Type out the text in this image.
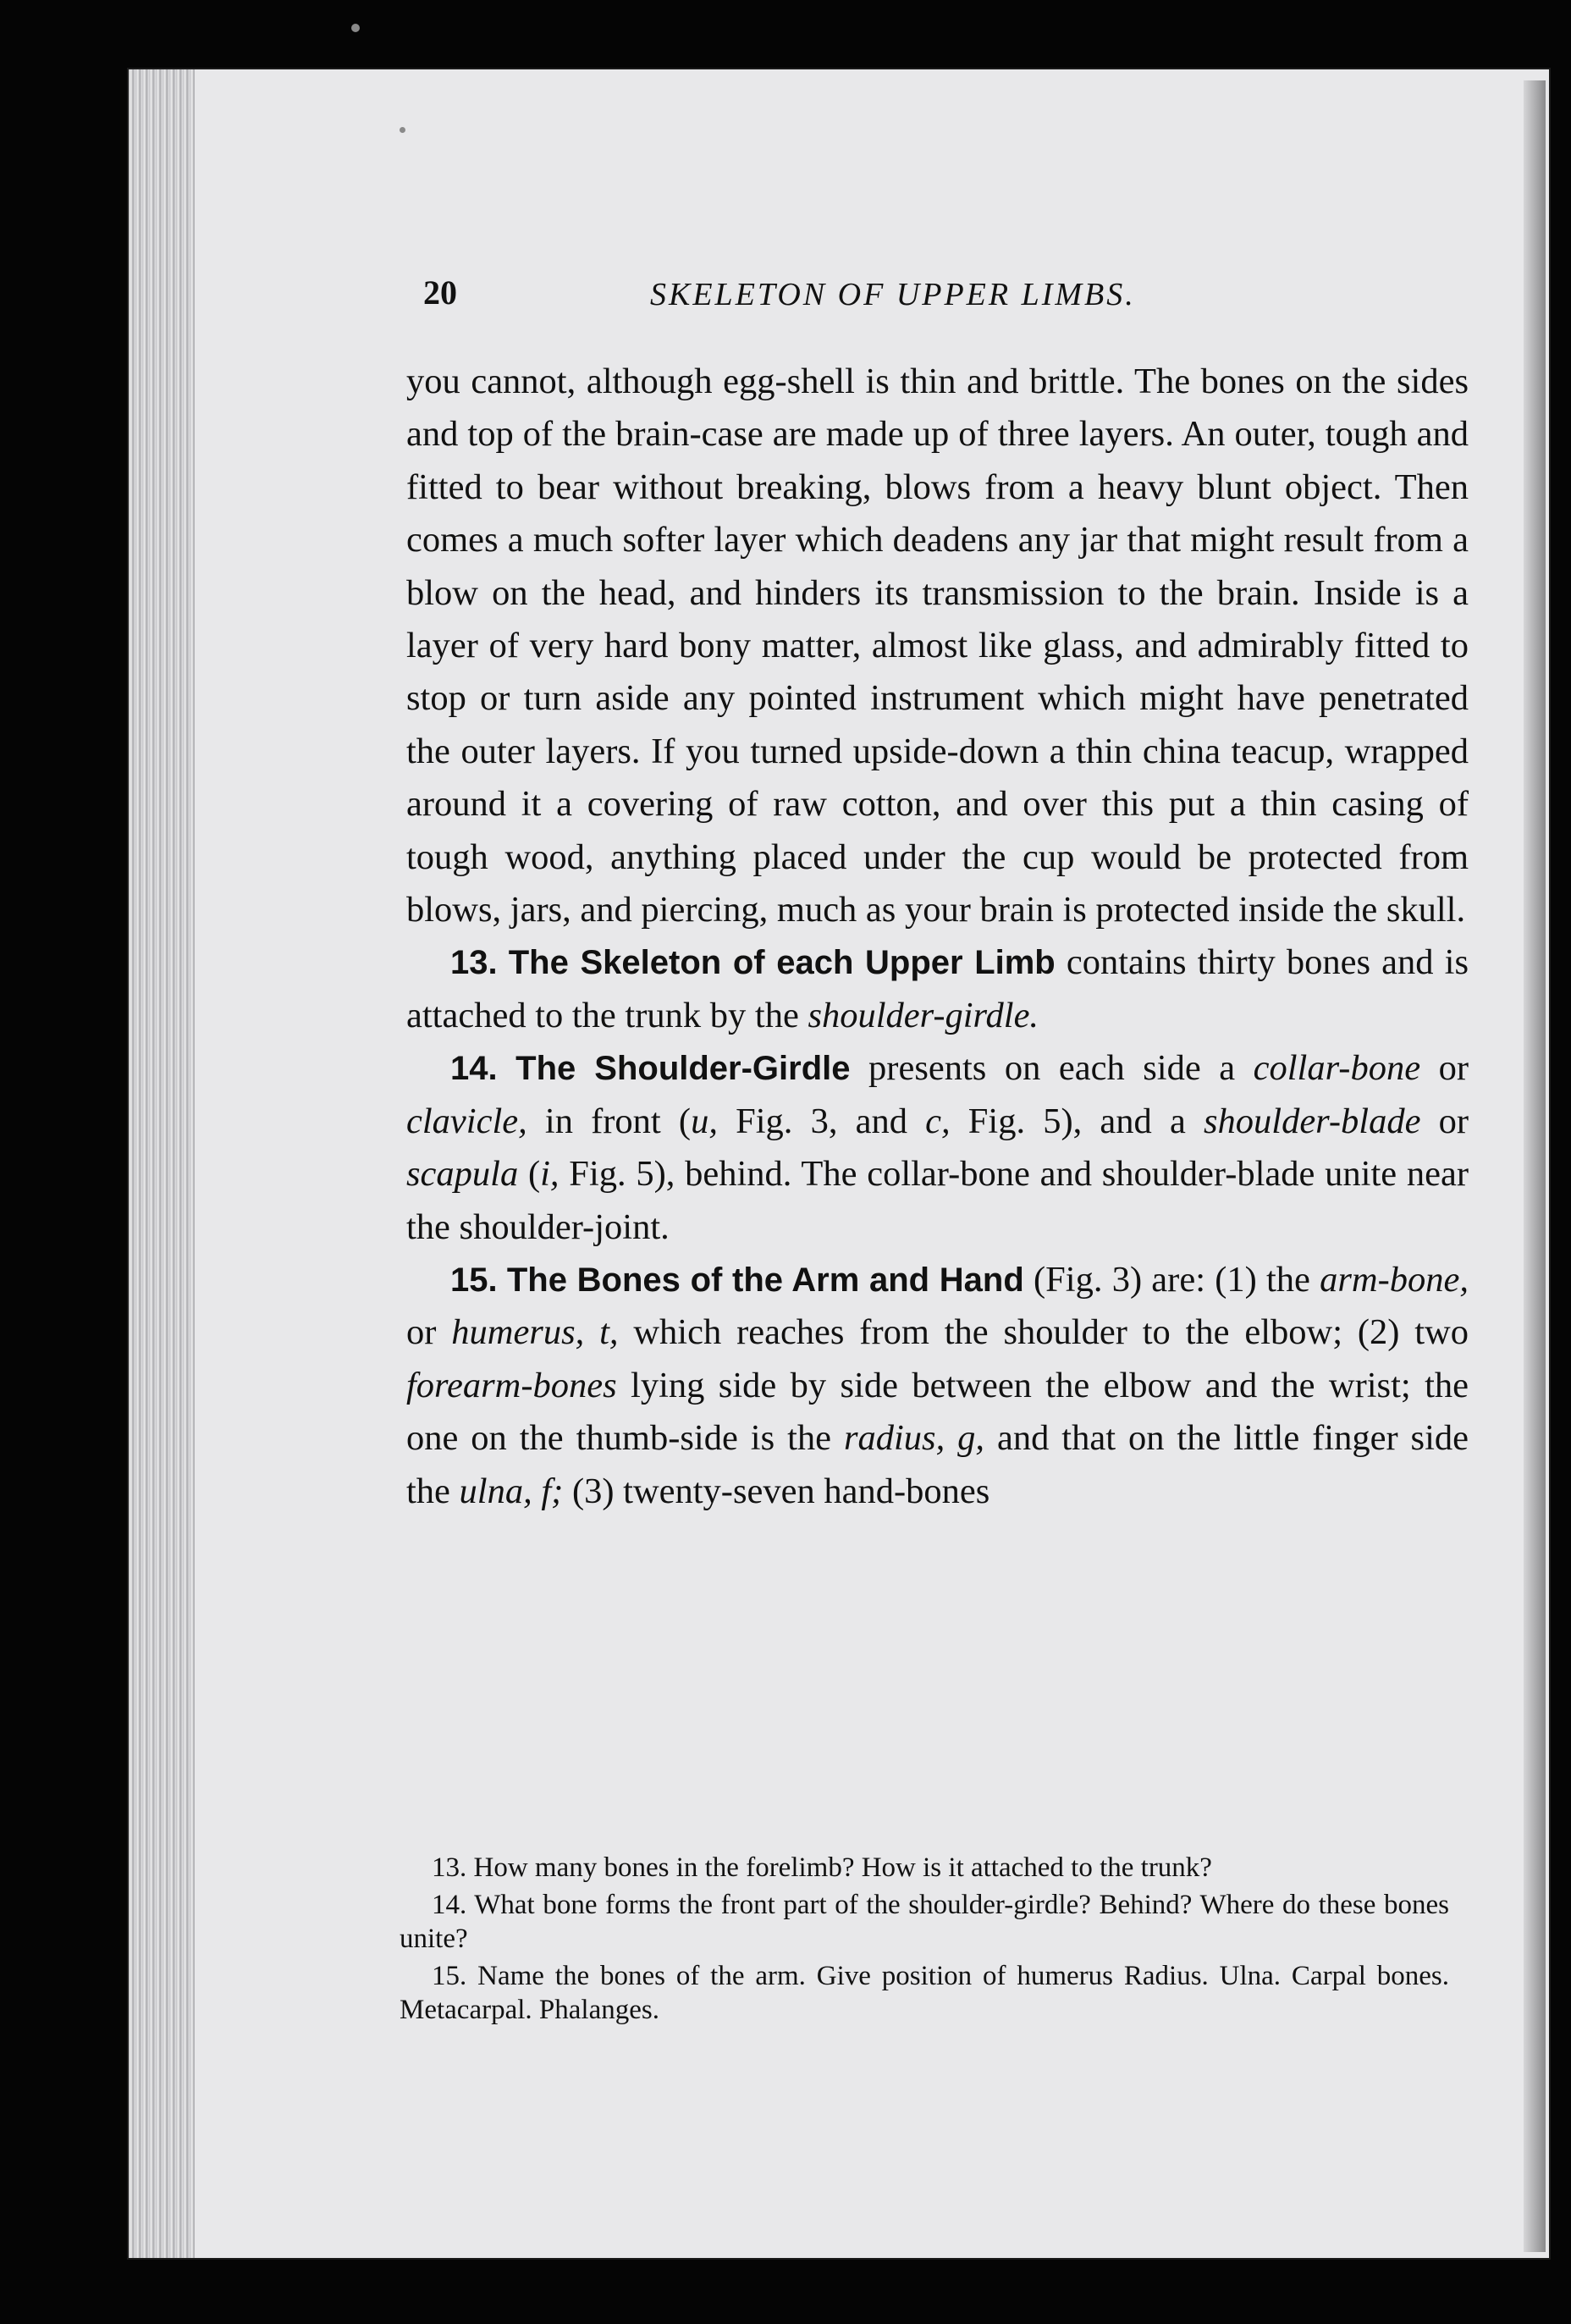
20	SKELETON OF UPPER LIMBS.

you cannot, although egg-shell is thin and brittle. The bones on the sides and top of the brain-case are made up of three layers. An outer, tough and fitted to bear without breaking, blows from a heavy blunt object. Then comes a much softer layer which deadens any jar that might result from a blow on the head, and hinders its transmission to the brain. Inside is a layer of very hard bony matter, almost like glass, and admirably fitted to stop or turn aside any pointed instrument which might have penetrated the outer layers. If you turned upside-down a thin china teacup, wrapped around it a covering of raw cotton, and over this put a thin casing of tough wood, anything placed under the cup would be protected from blows, jars, and piercing, much as your brain is protected inside the skull.

13. The Skeleton of each Upper Limb contains thirty bones and is attached to the trunk by the shoulder-girdle.

14. The Shoulder-Girdle presents on each side a collar-bone or clavicle, in front (u, Fig. 3, and c, Fig. 5), and a shoulder-blade or scapula (i, Fig. 5), behind. The collar-bone and shoulder-blade unite near the shoulder-joint.

15. The Bones of the Arm and Hand (Fig. 3) are: (1) the arm-bone, or humerus, t, which reaches from the shoulder to the elbow; (2) two forearm-bones lying side by side between the elbow and the wrist; the one on the thumb-side is the radius, g, and that on the little finger side the ulna, f; (3) twenty-seven hand-bones

13. How many bones in the forelimb? How is it attached to the trunk?

14. What bone forms the front part of the shoulder-girdle? Behind? Where do these bones unite?

15. Name the bones of the arm. Give position of humerus Radius. Ulna. Carpal bones. Metacarpal. Phalanges.
